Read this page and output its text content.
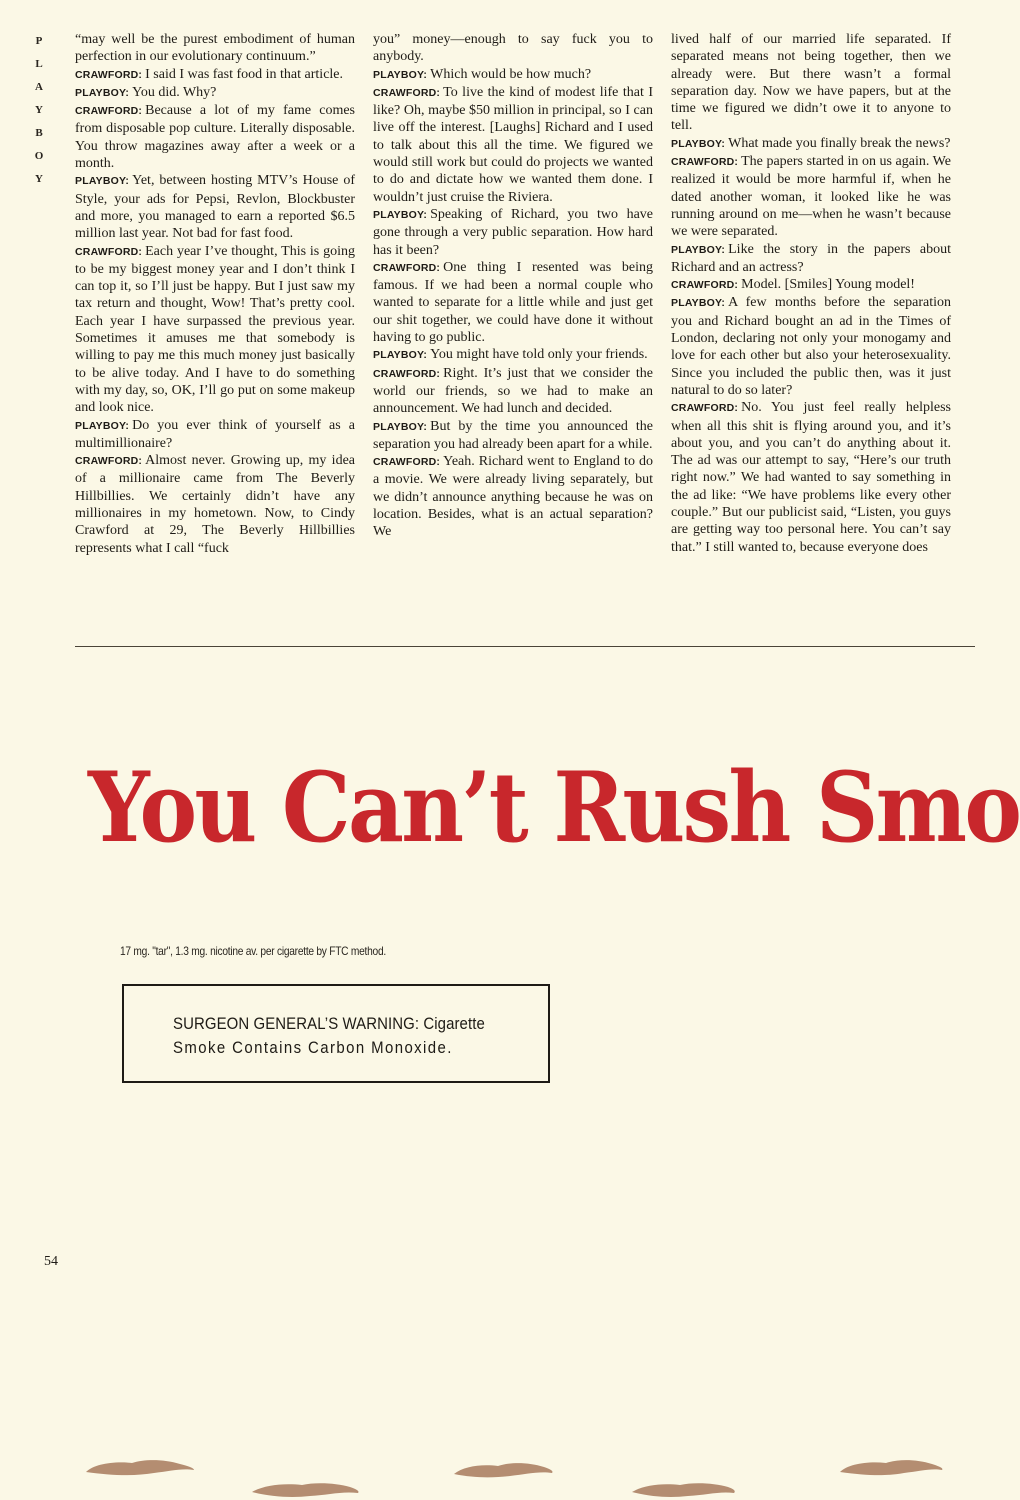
P
L
A
Y
B
O
Y

“may well be the purest embodiment of human perfection in our evolutionary continuum.”

CRAWFORD: I said I was fast food in that article.

PLAYBOY: You did. Why?

CRAWFORD: Because a lot of my fame comes from disposable pop culture. Literally disposable. You throw magazines away after a week or a month.

PLAYBOY: Yet, between hosting MTV’s House of Style, your ads for Pepsi, Revlon, Blockbuster and more, you managed to earn a reported $6.5 million last year. Not bad for fast food.

CRAWFORD: Each year I’ve thought, This is going to be my biggest money year and I don’t think I can top it, so I’ll just be happy. But I just saw my tax return and thought, Wow! That’s pretty cool. Each year I have surpassed the previous year. Sometimes it amuses me that somebody is willing to pay me this much money just basically to be alive today. And I have to do something with my day, so, OK, I’ll go put on some makeup and look nice.

PLAYBOY: Do you ever think of yourself as a multimillionaire?

CRAWFORD: Almost never. Growing up, my idea of a millionaire came from The Beverly Hillbillies. We certainly didn’t have any millionaires in my hometown. Now, to Cindy Crawford at 29, The Beverly Hillbillies represents what I call “fuck

you” money—enough to say fuck you to anybody.

PLAYBOY: Which would be how much?

CRAWFORD: To live the kind of modest life that I like? Oh, maybe $50 million in principal, so I can live off the interest. [Laughs] Richard and I used to talk about this all the time. We figured we would still work but could do projects we wanted to do and dictate how we wanted them done. I wouldn’t just cruise the Riviera.

PLAYBOY: Speaking of Richard, you two have gone through a very public separation. How hard has it been?

CRAWFORD: One thing I resented was being famous. If we had been a normal couple who wanted to separate for a little while and just get our shit together, we could have done it without having to go public.

PLAYBOY: You might have told only your friends.

CRAWFORD: Right. It’s just that we consider the world our friends, so we had to make an announcement. We had lunch and decided.

PLAYBOY: But by the time you announced the separation you had already been apart for a while.

CRAWFORD: Yeah. Richard went to England to do a movie. We were already living separately, but we didn’t announce anything because he was on location. Besides, what is an actual separation? We

lived half of our married life separated. If separated means not being together, then we already were. But there wasn’t a formal separation day. Now we have papers, but at the time we figured we didn’t owe it to anyone to tell.

PLAYBOY: What made you finally break the news?

CRAWFORD: The papers started in on us again. We realized it would be more harmful if, when he dated another woman, it looked like he was running around on me—when he wasn’t because we were separated.

PLAYBOY: Like the story in the papers about Richard and an actress?

CRAWFORD: Model. [Smiles] Young model!

PLAYBOY: A few months before the separation you and Richard bought an ad in the Times of London, declaring not only your monogamy and love for each other but also your heterosexuality. Since you included the public then, was it just natural to do so later?

CRAWFORD: No. You just feel really helpless when all this shit is flying around you, and it’s about you, and you can’t do anything about it. The ad was our attempt to say, “Here’s our truth right now.” We had wanted to say something in the ad like: “We have problems like every other couple.” But our publicist said, “Listen, you guys are getting way too personal here. You can’t say that.” I still wanted to, because everyone does

You Can’t Rush Smo
17 mg. "tar", 1.3 mg. nicotine av. per cigarette by FTC method.
SURGEON GENERAL’S WARNING: Cigarette
Smoke Contains Carbon Monoxide.
54
